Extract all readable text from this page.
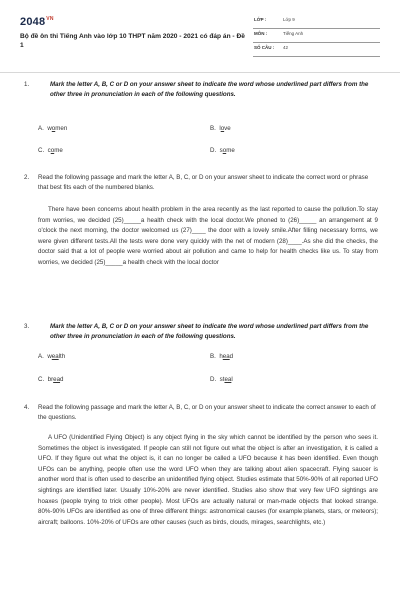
$2048^{VN}$
Bộ đề ôn thi Tiếng Anh vào lớp 10 THPT năm 2020 - 2021 có đáp án - Đề 1
LỚP :	Lớp 9
MÔN :	Tiếng Anh
SỐ CÂU : 42
1.	Mark the letter A, B, C or D on your answer sheet to indicate the word whose underlined part differs from the other three in pronunciation in each of the following questions.
A. women	B. love
C. come	D. some
2. Read the following passage and mark the letter A, B, C, or D on your answer sheet to indicate the correct word or phrase that best fits each of the numbered blanks.
There have been concerns about health problem in the area recently as the last reported to cause the pollution.To stay from worries, we decided (25)_____a health check with the local doctor.We phoned to (26)_____ an arrangement at 9 o'clock the next morning, the doctor welcomed us (27)____ the door with a lovely smile.After filling necessary forms, we were given different tests.All the tests were done very quickly with the net of modern (28)____.As she did the checks, the doctor said that a lot of people were worried about air pollution and came to help for health checks like us. To stay from worries, we decided (25)_____a health check with the local doctor
3.	Mark the letter A, B, C or D on your answer sheet to indicate the word whose underlined part differs from the other three in pronunciation in each of the following questions.
A. wealth	B. head
C. bread	D. steal
4. Read the following passage and mark the letter A, B, C, or D on your answer sheet to indicate the correct answer to each of the questions.
A UFO (Unidentified Flying Object) is any object flying in the sky which cannot be identified by the person who sees it. Sometimes the object is investigated. If people can still not figure out what the object is after an investigation, it is called a UFO. If they figure out what the object is, it can no longer be called a UFO because it has been identified. Even though UFOs can be anything, people often use the word UFO when they are talking about alien spacecraft. Flying saucer is another word that is often used to describe an unidentified flying object. Studies estimate that 50%-90% of all reported UFO sightings are identified later. Usually 10%-20% are never identified. Studies also show that very few UFO sightings are hoaxes (people trying to trick other people). Most UFOs are actually natural or man-made objects that looked strange. 80%-90% UFOs are identified as one of three different things: astronomical causes (for example:planets, stars, or meteors); aircraft; balloons. 10%-20% of UFOs are other causes (such as birds, clouds, mirages, searchlights, etc.)
